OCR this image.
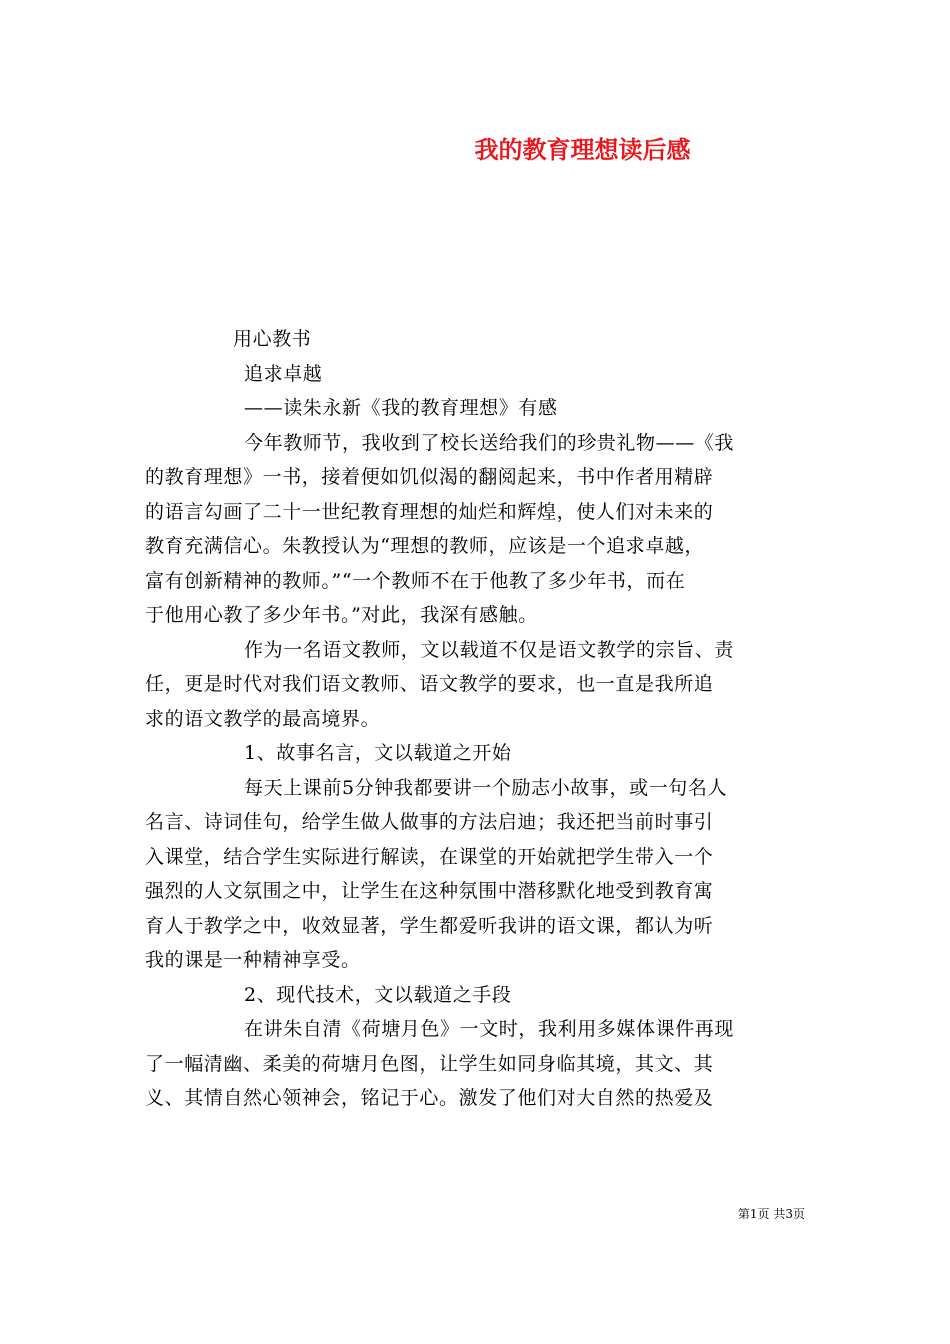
我的教育理想读后感
用心教书
追求卓越
——读朱永新《我的教育理想》有感
今年教师节，我收到了校长送给我们的珍贵礼物——《我
的教育理想》一书，接着便如饥似渴的翻阅起来，书中作者用精辟
的语言勾画了二十一世纪教育理想的灿烂和辉煌，使人们对未来的
教育充满信心。朱教授认为“理想的教师，应该是一个追求卓越，
富有创新精神的教师。”“一个教师不在于他教了多少年书，而在
于他用心教了多少年书。”对此，我深有感触。
作为一名语文教师，文以载道不仅是语文教学的宗旨、责
任，更是时代对我们语文教师、语文教学的要求，也一直是我所追
求的语文教学的最高境界。
1、故事名言，文以载道之开始
每天上课前5分钟我都要讲一个励志小故事，或一句名人
名言、诗词佳句，给学生做人做事的方法启迪；我还把当前时事引
入课堂，结合学生实际进行解读，在课堂的开始就把学生带入一个
强烈的人文氛围之中，让学生在这种氛围中潜移默化地受到教育寓
育人于教学之中，收效显著，学生都爱听我讲的语文课，都认为听
我的课是一种精神享受。
2、现代技术，文以载道之手段
在讲朱自清《荷塘月色》一文时，我利用多媒体课件再现
了一幅清幽、柔美的荷塘月色图，让学生如同身临其境，其文、其
义、其情自然心领神会，铭记于心。激发了他们对大自然的热爱及
第1页 共3页
